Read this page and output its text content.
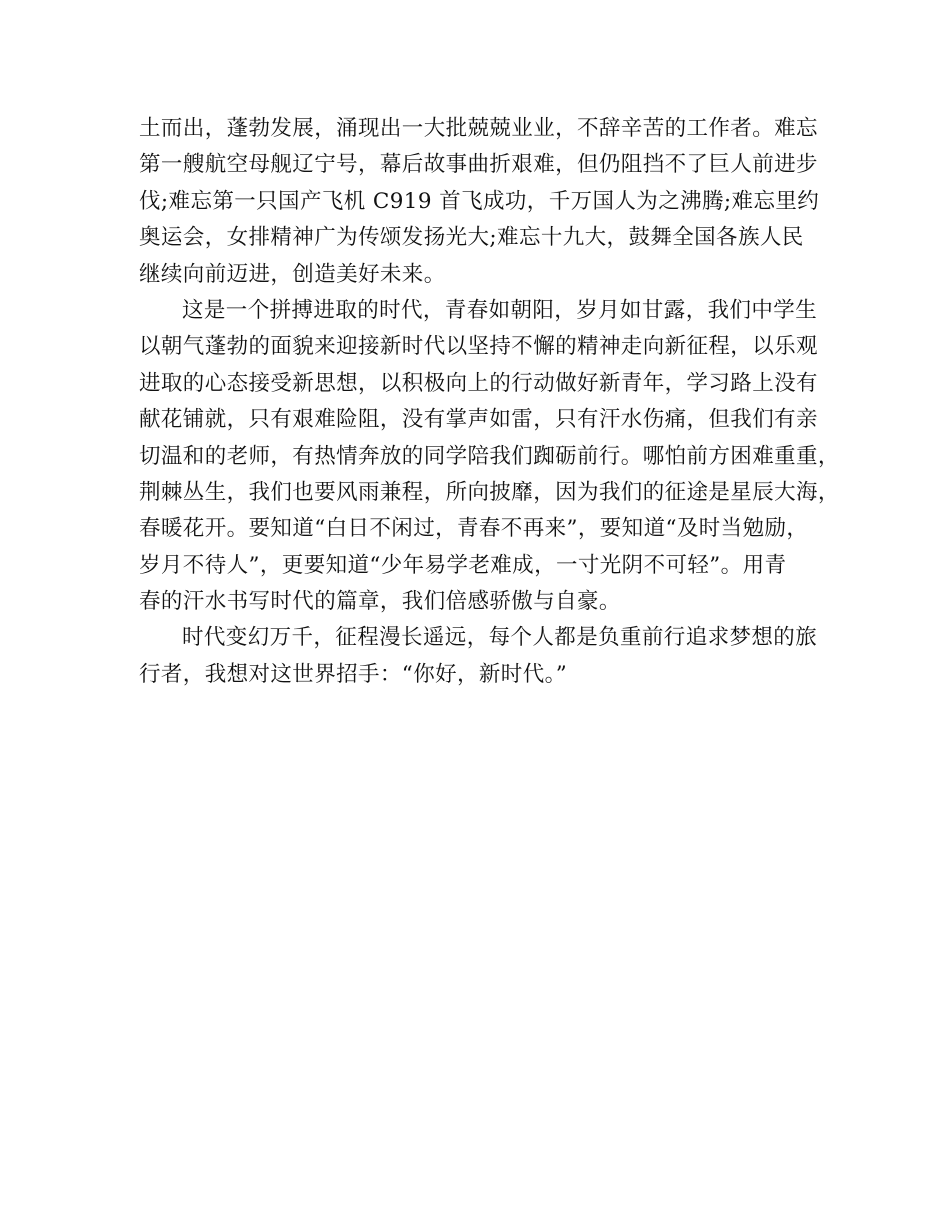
土而出，蓬勃发展，涌现出一大批兢兢业业，不辞辛苦的工作者。难忘
第一艘航空母舰辽宁号，幕后故事曲折艰难，但仍阻挡不了巨人前进步
伐;难忘第一只国产飞机 C919 首飞成功，千万国人为之沸腾;难忘里约
奥运会，女排精神广为传颂发扬光大;难忘十九大，鼓舞全国各族人民
继续向前迈进，创造美好未来。
这是一个拼搏进取的时代，青春如朝阳，岁月如甘露，我们中学生
以朝气蓬勃的面貌来迎接新时代以坚持不懈的精神走向新征程，以乐观
进取的心态接受新思想，以积极向上的行动做好新青年，学习路上没有
献花铺就，只有艰难险阻，没有掌声如雷，只有汗水伤痛，但我们有亲
切温和的老师，有热情奔放的同学陪我们踟砺前行。哪怕前方困难重重，
荆棘丛生，我们也要风雨兼程，所向披靡，因为我们的征途是星辰大海，
春暖花开。要知道“白日不闲过，青春不再来”，要知道“及时当勉励，
岁月不待人”，更要知道“少年易学老难成，一寸光阴不可轻”。用青
春的汗水书写时代的篇章，我们倍感骄傲与自豪。
时代变幻万千，征程漫长遥远，每个人都是负重前行追求梦想的旅
行者，我想对这世界招手：“你好，新时代。”
